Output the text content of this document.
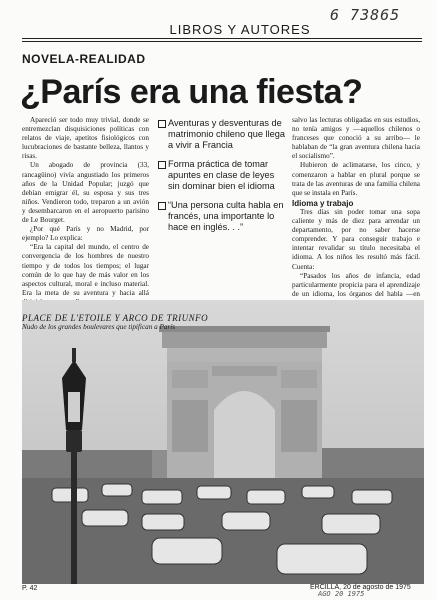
6 73865
LIBROS Y AUTORES
NOVELA-REALIDAD
¿París era una fiesta?

Apareció ser todo muy trivial, donde se entremezclan disquisiciones políticas con relatos de viaje, apetitos fisiológicos con lucubraciones de bastante belleza, llantos y risas.

Un abogado de provincia (33, rancagüino) vivía angustiado los primeros años de la Unidad Popular; juzgó que debían emigrar él, su esposa y sus tres niños. Vendieron todo, treparon a un avión y desembarcaron en el aeropuerto parisino de Le Bourget.

¿Por qué París y no Madrid, por ejemplo? Lo explica:

“Era la capital del mundo, el centro de convergencia de los hombres de nuestro tiempo y de todos los tiempos; el lugar común de lo que hay de más valor en los aspectos cultural, moral e incluso material. Era la meta de su aventura y hacia allá

Aventuras y desventuras de matrimonio chileno que llega a vivir a Francia
Forma práctica de tomar apuntes en clase de leyes sin dominar bien el idioma
“Una persona culta habla en francés, una importante lo hace en inglés. . .”

salvo las lecturas obligadas en sus estudios, no tenía amigos y —aquellos chilenos o franceses que conoció a su arribo— le hablaban de “la gran aventura chilena hacia el socialismo”.

Hubieron de aclimatarse, los cinco, y comenzaron a hablar en plural porque se trata de las aventuras de una familia chilena que se instala en París.

Idioma y trabajo

Tres días sin poder tomar una sopa caliente y más de diez para arrendar un departamento, por no saber hacerse comprender. Y para conseguir trabajo e intentar revalidar su título necesitaba el idioma. A los niños les resultó más fácil. Cuenta:

“Pasados los años de infancia, edad particularmente propicia para el aprendizaje de un idioma, los órganos del habla —en

PLACE DE L'ETOILE Y ARCO DE TRIUNFO
Nudo de los grandes boulevares que tipifican a París
P. 42	ERCILLA, 20 de agosto de 1975
AGO 20 1975
